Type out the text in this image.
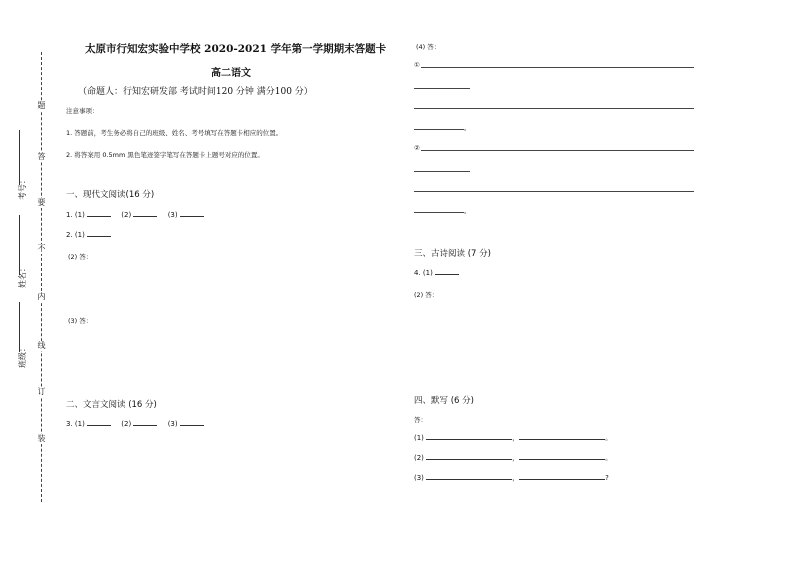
题
答
要
不
内
线
订
装
考号：
姓名：
班级：
太原市行知宏实验中学校 2020-2021 学年第一学期期末答题卡
高二语文
（命题人：行知宏研发部 考试时间120 分钟 满分100 分）
注意事项：
1. 答题前，考生务必将自己的班级、姓名、考号填写在答题卡相应的位置。
2. 将答案用 0.5mm 黑色笔迹签字笔写在答题卡上题号对应的位置。
一、现代文阅读(16 分)
1. (1)	(2)	(3)
2. (1)
(2) 答：
(3) 答：
二、文言文阅读 (16 分)
3. (1)	(2)	(3)
(4) 答：
①
。
②
。
三、古诗阅读 (7 分)
4. (1)
(2) 答：
四、默写 (6 分)
答：
(1)	，	。
(2)	，	。
(3)	，	?
